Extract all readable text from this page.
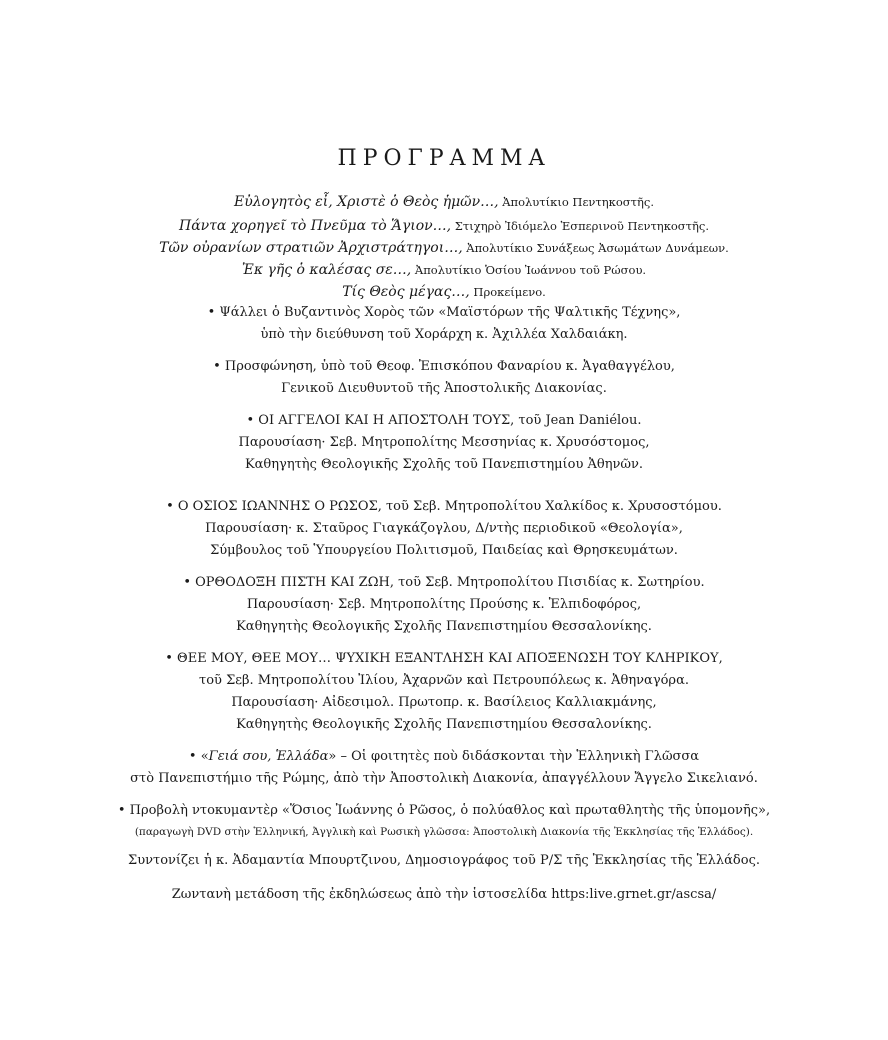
ΠΡΟΓΡΑΜΜΑ
Εὐλογητὸς εἶ, Χριστὲ ὁ Θεὸς ἡμῶν…, Ἀπολυτίκιο Πεντηκοστῆς.
Πάντα χορηγεῖ τὸ Πνεῦμα τὸ Ἅγιον…, Στιχηρὸ Ἰδιόμελο Ἑσπερινοῦ Πεντηκοστῆς.
Τῶν οὐρανίων στρατιῶν Ἀρχιστράτηγοι…, Ἀπολυτίκιο Συνάξεως Ἀσωμάτων Δυνάμεων.
Ἐκ γῆς ὁ καλέσας σε…, Ἀπολυτίκιο Ὁσίου Ἰωάννου τοῦ Ρώσου.
Τίς Θεὸς μέγας…, Προκείμενο.
• Ψάλλει ὁ Βυζαντινὸς Χορὸς τῶν «Μαϊστόρων τῆς Ψαλτικῆς Τέχνης»,
ὑπὸ τὴν διεύθυνση τοῦ Χοράρχη κ. Ἀχιλλέα Χαλδαιάκη.
• Προσφώνηση, ὑπὸ τοῦ Θεοφ. Ἐπισκόπου Φαναρίου κ. Ἀγαθαγγέλου,
Γενικοῦ Διευθυντοῦ τῆς Ἀποστολικῆς Διακονίας.
• ΟΙ ΑΓΓΕΛΟΙ ΚΑΙ Η ΑΠΟΣΤΟΛΗ ΤΟΥΣ, τοῦ Jean Daniélou.
Παρουσίαση· Σεβ. Μητροπολίτης Μεσσηνίας κ. Χρυσόστομος,
Καθηγητὴς Θεολογικῆς Σχολῆς τοῦ Πανεπιστημίου Ἀθηνῶν.
• Ο ΟΣΙΟΣ ΙΩΑΝΝΗΣ Ο ΡΩΣΟΣ, τοῦ Σεβ. Μητροπολίτου Χαλκίδος κ. Χρυσοστόμου.
Παρουσίαση· κ. Σταῦρος Γιαγκάζογλου, Δ/ντὴς περιοδικοῦ «Θεολογία»,
Σύμβουλος τοῦ Ὑπουργείου Πολιτισμοῦ, Παιδείας καὶ Θρησκευμάτων.
• ΟΡΘΟΔΟΞΗ ΠΙΣΤΗ ΚΑΙ ΖΩΗ, τοῦ Σεβ. Μητροπολίτου Πισιδίας κ. Σωτηρίου.
Παρουσίαση· Σεβ. Μητροπολίτης Προύσης κ. Ἐλπιδοφόρος,
Καθηγητὴς Θεολογικῆς Σχολῆς Πανεπιστημίου Θεσσαλονίκης.
• ΘΕΕ ΜΟΥ, ΘΕΕ ΜΟΥ… ΨΥΧΙΚΗ ΕΞΑΝΤΛΗΣΗ ΚΑΙ ΑΠΟΞΕΝΩΣΗ ΤΟΥ ΚΛΗΡΙΚΟΥ,
τοῦ Σεβ. Μητροπολίτου Ἰλίου, Ἀχαρνῶν καὶ Πετρουπόλεως κ. Ἀθηναγόρα.
Παρουσίαση· Αἰδεσιμολ. Πρωτοπρ. κ. Βασίλειος Καλλιακμάνης,
Καθηγητὴς Θεολογικῆς Σχολῆς Πανεπιστημίου Θεσσαλονίκης.
• «Γειά σου, Ἑλλάδα» – Οἱ φοιτητὲς ποὺ διδάσκονται τὴν Ἑλληνικὴ Γλῶσσα
στὸ Πανεπιστήμιο τῆς Ρώμης, ἀπὸ τὴν Ἀποστολικὴ Διακονία, ἀπαγγέλλουν Ἄγγελο Σικελιανό.
• Προβολὴ ντοκυμαντὲρ «Ὅσιος Ἰωάννης ὁ Ρῶσος, ὁ πολύαθλος καὶ πρωταθλητὴς τῆς ὑπομονῆς»,
(παραγωγὴ DVD στὴν Ἑλληνική, Ἀγγλικὴ καὶ Ρωσικὴ γλῶσσα: Ἀποστολικὴ Διακονία τῆς Ἐκκλησίας τῆς Ἑλλάδος).
Συντονίζει ἡ κ. Ἀδαμαντία Μπουρτζινου, Δημοσιογράφος τοῦ Ρ/Σ τῆς Ἐκκλησίας τῆς Ἑλλάδος.
Ζωντανὴ μετάδοση τῆς ἐκδηλώσεως ἀπὸ τὴν ἱστοσελίδα https:live.grnet.gr/ascsa/
